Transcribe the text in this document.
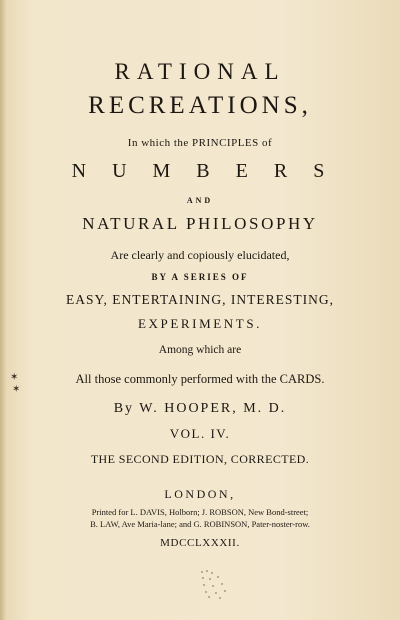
RATIONAL
RECREATIONS,
In which the PRINCIPLES of
NUMBERS
AND
NATURAL PHILOSOPHY
Are clearly and copiously elucidated,
BY A SERIES OF
EASY, ENTERTAINING, INTERESTING,
EXPERIMENTS.
Among which are
All those commonly performed with the CARDS.
By W. HOOPER, M. D.
VOL. IV.
THE SECOND EDITION, CORRECTED.
LONDON,
Printed for L. DAVIS, Holborn; J. ROBSON, New Bond-street;
B. LAW, Ave Maria-lane; and G. ROBINSON, Pater-noster-row.
MDCCLXXXII.
✶
✶
